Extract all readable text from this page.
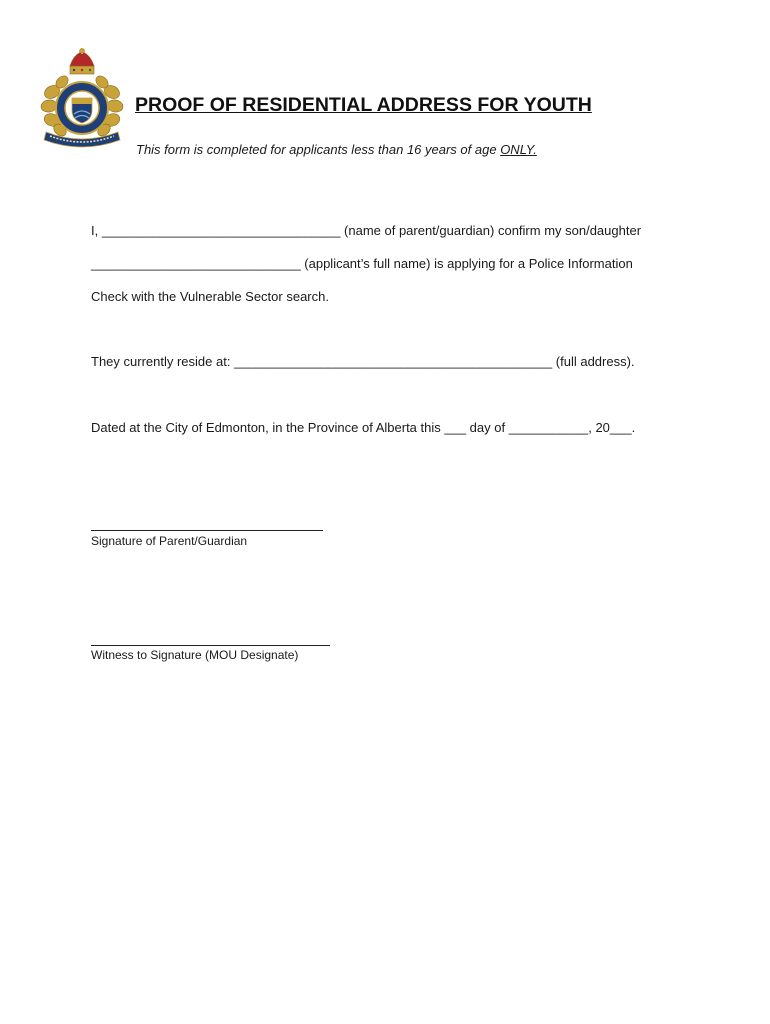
PROOF OF RESIDENTIAL ADDRESS FOR YOUTH
This form is completed for applicants less than 16 years of age ONLY.
I, _________________________________ (name of parent/guardian) confirm my son/daughter
_____________________________ (applicant’s full name) is applying for a Police Information
Check with the Vulnerable Sector search.
They currently reside at: ____________________________________________ (full address).
Dated at the City of Edmonton, in the Province of Alberta this ___ day of ___________, 20___.
Signature of Parent/Guardian
Witness to Signature (MOU Designate)
